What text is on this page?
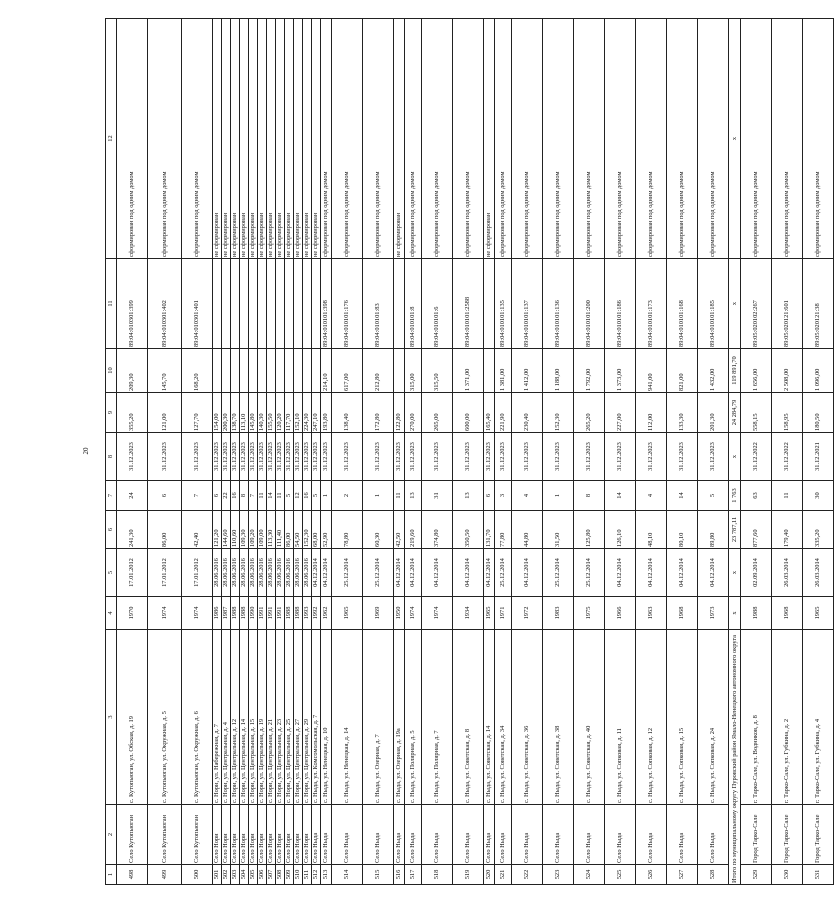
20
1	2	3	4	5	6	7	8	9	10	11	12
498	Село Кутопьюган	с. Кутопьюган, ул. Обская, д. 19	1970	17.01.2012	241,30	24	31.12.2023	355,20	209,30	89:04:010301:399	сформирован под одним домом
499	Село Кутопьюган	с. Кутопьюган, ул. Окружная, д. 5	1974	17.01.2012	86,00	6	31.12.2023	121,00	145,70	89:04:010301:402	сформирован под одним домом
500	Село Кутопьюган	с. Кутопьюган, ул. Окружная, д. 6	1974	17.01.2012	42,40	7	31.12.2023	127,70	168,20	89:04:010301:401	сформирован под одним домом
501	Село Нори	с. Нори, ул. Набережная, д. 7	1986	28.06.2016	121,20	6	31.12.2023	154,00			не сформирован
502	Село Нори	с. Нори, ул. Центральная, д. 4	1987	28.06.2016	144,60	22	31.12.2023	200,30			не сформирован
503	Село Нори	с. Нори, ул. Центральная, д. 12	1988	28.06.2016	110,60	16	31.12.2023	138,70			не сформирован
504	Село Нори	с. Нори, ул. Центральная, д. 14	1988	28.06.2016	109,30	8	31.12.2023	113,10			не сформирован
505	Село Нори	с. Нори, ул. Центральная, д. 15	1990	28.06.2016	109,20	7	31.12.2023	145,80			не сформирован
506	Село Нори	с. Нори, ул. Центральная, д. 19	1991	28.06.2016	109,00	11	31.12.2023	140,30			не сформирован
507	Село Нори	с. Нори, ул. Центральная, д. 21	1991	28.06.2016	113,30	14	31.12.2023	155,50			не сформирован
508	Село Нори	с. Нори, ул. Центральная, д. 23	1991	28.06.2016	111,40	11	31.12.2023	120,20			не сформирован
509	Село Нори	с. Нори, ул. Центральная, д. 25	1988	28.06.2016	86,00	5	31.12.2023	117,70			не сформирован
510	Село Нори	с. Нори, ул. Центральная, д. 27	1988	28.06.2016	54,50	12	31.12.2023	152,10			не сформирован
511	Село Нори	с. Нори, ул. Центральная, д. 29	1993	28.06.2016	152,30	16	31.12.2023	224,30			не сформирован
512	Село Ныда	с. Ныда, ул. Комсомольская, д. 7	1992	04.12.2014	68,00	5	31.12.2023	247,10			не сформирован
513	Село Ныда	с. Ныда, ул. Ненецкая, д. 10	1962	04.12.2014	52,90	1	31.12.2023	193,80	214,10	89:04:010101:398	сформирован под одним домом
514	Село Ныда	с. Ныда, ул. Ненецкая, д. 14	1965	25.12.2014	78,80	2	31.12.2023	138,40	617,00	89:04:010101:176	сформирован под одним домом
515	Село Ныда	с. Ныда, ул. Озерная, д. 7	1969	25.12.2014	60,30	1	31.12.2023	172,80	212,80	89:04:010101:83	сформирован под одним домом
516	Село Ныда	с. Ныда, ул. Озерная, д. 19а	1950	04.12.2014	42,50	11	31.12.2023	122,80			не сформирован
517	Село Ныда	с. Ныда, ул. Полярная, д. 5	1974	04.12.2014	219,60	13	31.12.2023	270,00	315,00	89:04:010101:8	сформирован под одним домом
518	Село Ныда	с. Ныда, ул. Полярная, д. 7	1974	04.12.2014	374,80	31	31.12.2023	265,00	315,50	89:04:010101:6	сформирован под одним домом
519	Село Ныда	с. Ныда, ул. Советская, д. 8	1934	04.12.2014	350,50	13	31.12.2023	600,00	1 371,00	89:04:010101:2588	сформирован под одним домом
520	Село Ныда	с. Ныда, ул. Советская, д. 14	1965	04.12.2014	131,70	6	31.12.2023	165,40			не сформирован
521	Село Ныда	с. Ныда, ул. Советская, д. 34	1971	25.12.2014	77,80	3	31.12.2023	221,90	1 381,00	89:04:010101:135	сформирован под одним домом
522	Село Ныда	с. Ныда, ул. Советская, д. 36	1972	04.12.2014	44,80	4	31.12.2023	230,40	1 412,00	89:04:010101:137	сформирован под одним домом
523	Село Ныда	с. Ныда, ул. Советская, д. 38	1983	25.12.2014	31,50	1	31.12.2023	152,30	1 188,00	89:04:010101:136	сформирован под одним домом
524	Село Ныда	с. Ныда, ул. Советская, д. 40	1975	25.12.2014	125,80	8	31.12.2023	265,20	1 792,00	89:04:010101:200	сформирован под одним домом
525	Село Ныда	с. Ныда, ул. Сопковая, д. 11	1966	04.12.2014	126,10	14	31.12.2023	227,00	1 373,00	89:04:010101:186	сформирован под одним домом
526	Село Ныда	с. Ныда, ул. Сопковая, д. 12	1963	04.12.2014	48,10	4	31.12.2023	112,00	941,00	89:04:010101:173	сформирован под одним домом
527	Село Ныда	с. Ныда, ул. Сопковая, д. 15	1968	04.12.2014	80,10	14	31.12.2023	133,30	821,00	89:04:010101:168	сформирован под одним домом
528	Село Ныда	с. Ныда, ул. Сопковая, д. 24	1973	04.12.2014	89,80	5	31.12.2023	201,30	1 432,00	89:04:010101:185	сформирован под одним домом
Итого по муниципальному округу Пуровский район Ямало-Ненецкого автономного округа			x	x	23 787,11	1 763	x	24 284,79	119 891,70	x	x
529	Город Тарко-Сале	г. Тарко-Сале, ул. Водников, д. 8	1988	02.09.2014	877,60	63	31.12.2022	558,15	1 656,00	89:05:020102:267	сформирован под одним домом
530	Город Тарко-Сале	г. Тарко-Сале, ул. Губкина, д. 2	1968	26.03.2014	179,40	11	31.12.2022	158,95	2 508,00	89:05:020121:601	сформирован под одним домом
531	Город Тарко-Сале	г. Тарко-Сале, ул. Губкина, д. 4	1965	26.03.2014	335,20	30	31.12.2021	180,50	1 096,00	89:05:020121:38	сформирован под одним домом
